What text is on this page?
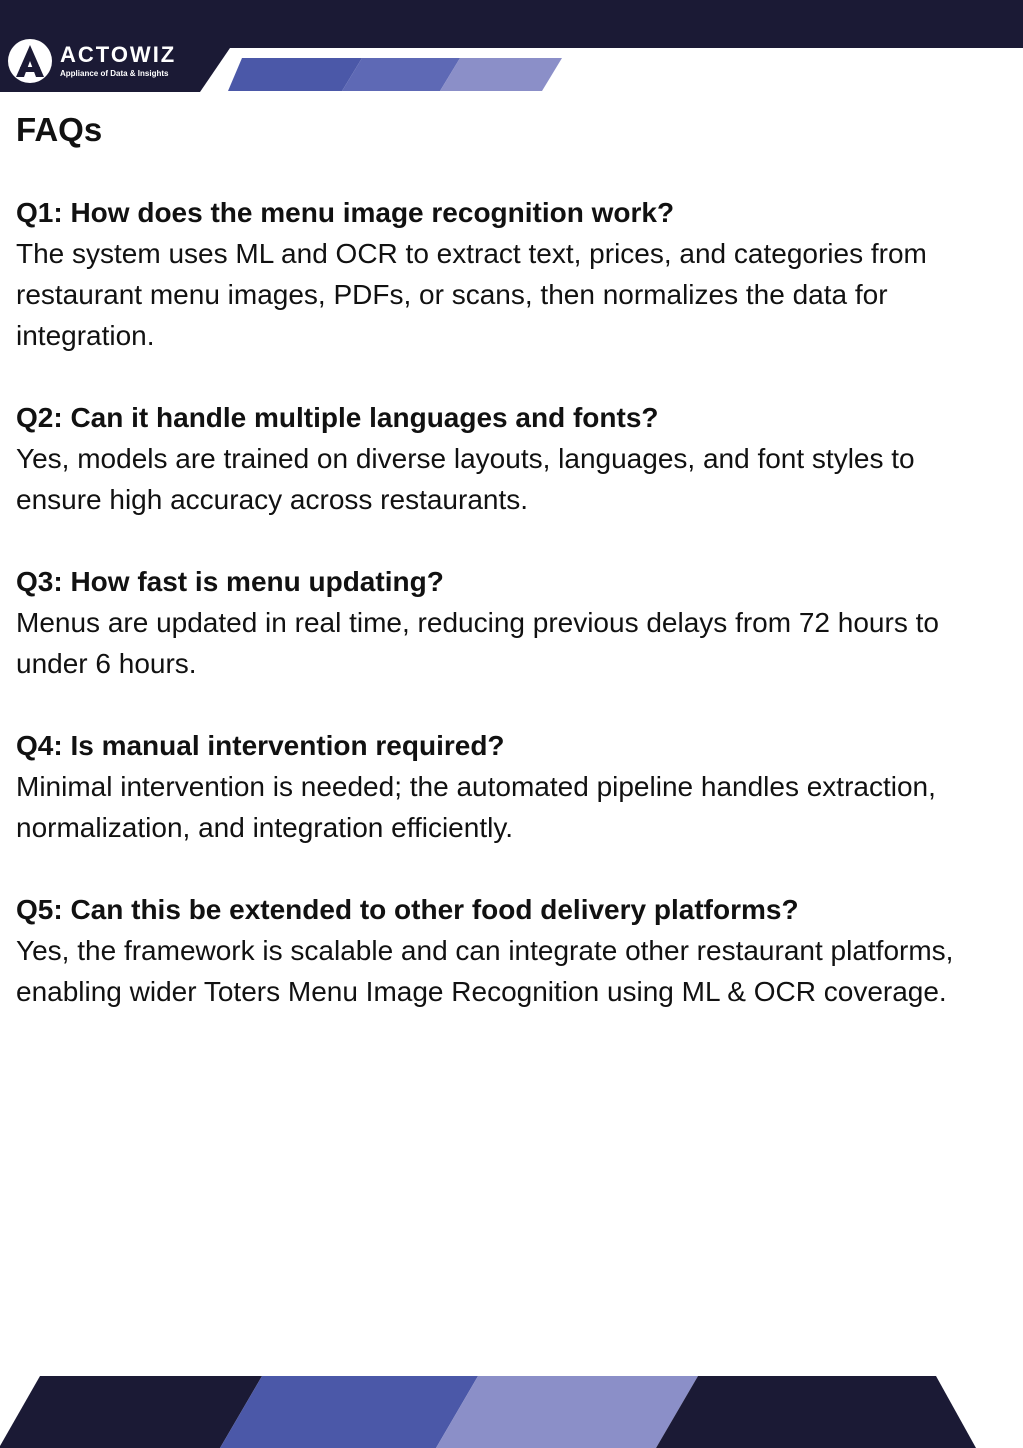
ACTOWIZ
Appliance of Data & Insights
FAQs

Q1: How does the menu image recognition work?

The system uses ML and OCR to extract text, prices, and categories from restaurant menu images, PDFs, or scans, then normalizes the data for integration.

Q2: Can it handle multiple languages and fonts?

Yes, models are trained on diverse layouts, languages, and font styles to ensure high accuracy across restaurants.

Q3: How fast is menu updating?

Menus are updated in real time, reducing previous delays from 72 hours to under 6 hours.

Q4: Is manual intervention required?

Minimal intervention is needed; the automated pipeline handles extraction, normalization, and integration efficiently.

Q5: Can this be extended to other food delivery platforms?

Yes, the framework is scalable and can integrate other restaurant platforms, enabling wider Toters Menu Image Recognition using ML & OCR coverage.
